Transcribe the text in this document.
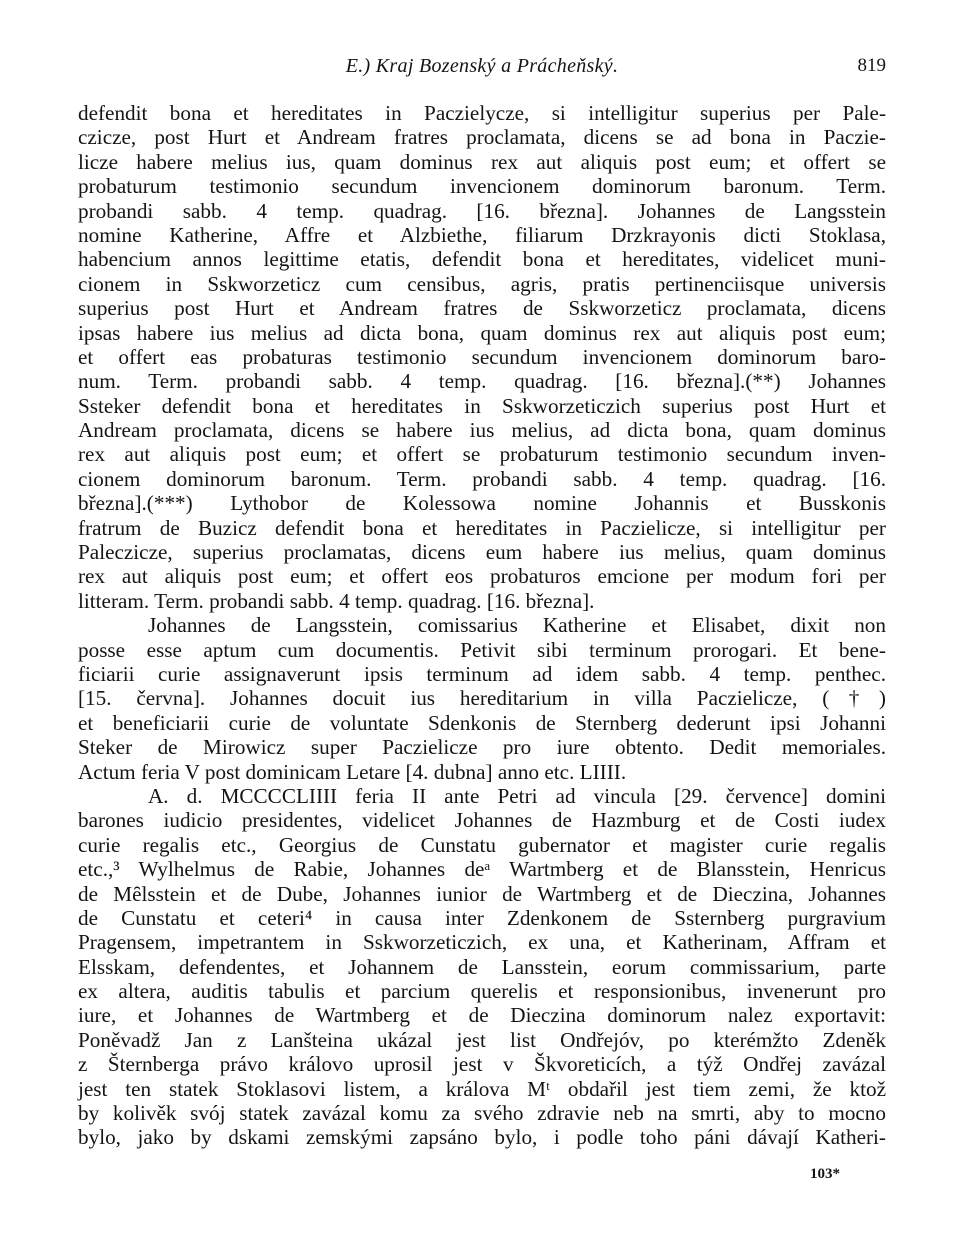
E.) Kraj Bozenský a Prácheňský.	819
defendit bona et hereditates in Paczielycze, si intelligitur superius per Pale-
czicze, post Hurt et Andream fratres proclamata, dicens se ad bona in Paczie-
licze habere melius ius, quam dominus rex aut aliquis post eum; et offert se
probaturum testimonio secundum invencionem dominorum baronum. Term.
probandi sabb. 4 temp. quadrag. [16. března]. Johannes de Langsstein
nomine Katherine, Affre et Alzbiethe, filiarum Drzkrayonis dicti Stoklasa,
habencium annos legittime etatis, defendit bona et hereditates, videlicet muni-
cionem in Sskworzeticz cum censibus, agris, pratis pertinenciisque universis
superius post Hurt et Andream fratres de Sskworzeticz proclamata, dicens
ipsas habere ius melius ad dicta bona, quam dominus rex aut aliquis post eum;
et offert eas probaturas testimonio secundum invencionem dominorum baro-
num. Term. probandi sabb. 4 temp. quadrag. [16. března].(**) Johannes
Ssteker defendit bona et hereditates in Sskworzeticzich superius post Hurt et
Andream proclamata, dicens se habere ius melius, ad dicta bona, quam dominus
rex aut aliquis post eum; et offert se probaturum testimonio secundum inven-
cionem dominorum baronum. Term. probandi sabb. 4 temp. quadrag. [16.
března].(***) Lythobor de Kolessowa nomine Johannis et Busskonis
fratrum de Buzicz defendit bona et hereditates in Paczielicze, si intelligitur per
Paleczicze, superius proclamatas, dicens eum habere ius melius, quam dominus
rex aut aliquis post eum; et offert eos probaturos emcione per modum fori per
litteram. Term. probandi sabb. 4 temp. quadrag. [16. března].
Johannes de Langsstein, comissarius Katherine et Elisabet, dixit non
posse esse aptum cum documentis. Petivit sibi terminum prorogari. Et bene-
ficiarii curie assignaverunt ipsis terminum ad idem sabb. 4 temp. penthec.
[15. června]. Johannes docuit ius hereditarium in villa Paczielicze, (†)
et beneficiarii curie de voluntate Sdenkonis de Sternberg dederunt ipsi Johanni
Steker de Mirowicz super Paczielicze pro iure obtento. Dedit memoriales.
Actum feria V post dominicam Letare [4. dubna] anno etc. LIIII.
A. d. MCCCCLIIII feria II ante Petri ad vincula [29. července] domini
barones iudicio presidentes, videlicet Johannes de Hazmburg et de Costi iudex
curie regalis etc., Georgius de Cunstatu gubernator et magister curie regalis
etc.,³ Wylhelmus de Rabie, Johannes deᵃ Wartmberg et de Blansstein, Henricus
de Mȇlsstein et de Dube, Johannes iunior de Wartmberg et de Dieczina, Johannes
de Cunstatu et ceteri⁴ in causa inter Zdenkonem de Ssternberg purgravium
Pragensem, impetrantem in Sskworzeticzich, ex una, et Katherinam, Affram et
Elsskam, defendentes, et Johannem de Lansstein, eorum commissarium, parte
ex altera, auditis tabulis et parcium querelis et responsionibus, invenerunt pro
iure, et Johannes de Wartmberg et de Dieczina dominorum nalez exportavit:
Poněvadž Jan z Lanšteina ukázal jest list Ondřejóv, po kterémžto Zdeněk
z Šternberga právo královo uprosil jest v Škvoreticích, a týž Ondřej zavázal
jest ten statek Stoklasovi listem, a králova Mᵗ obdařil jest tiem zemi, že ktož
by kolivěk svój statek zavázal komu za svého zdravie neb na smrti, aby to mocno
bylo, jako by dskami zemskými zapsáno bylo, i podle toho páni dávají Katheri-
103*
